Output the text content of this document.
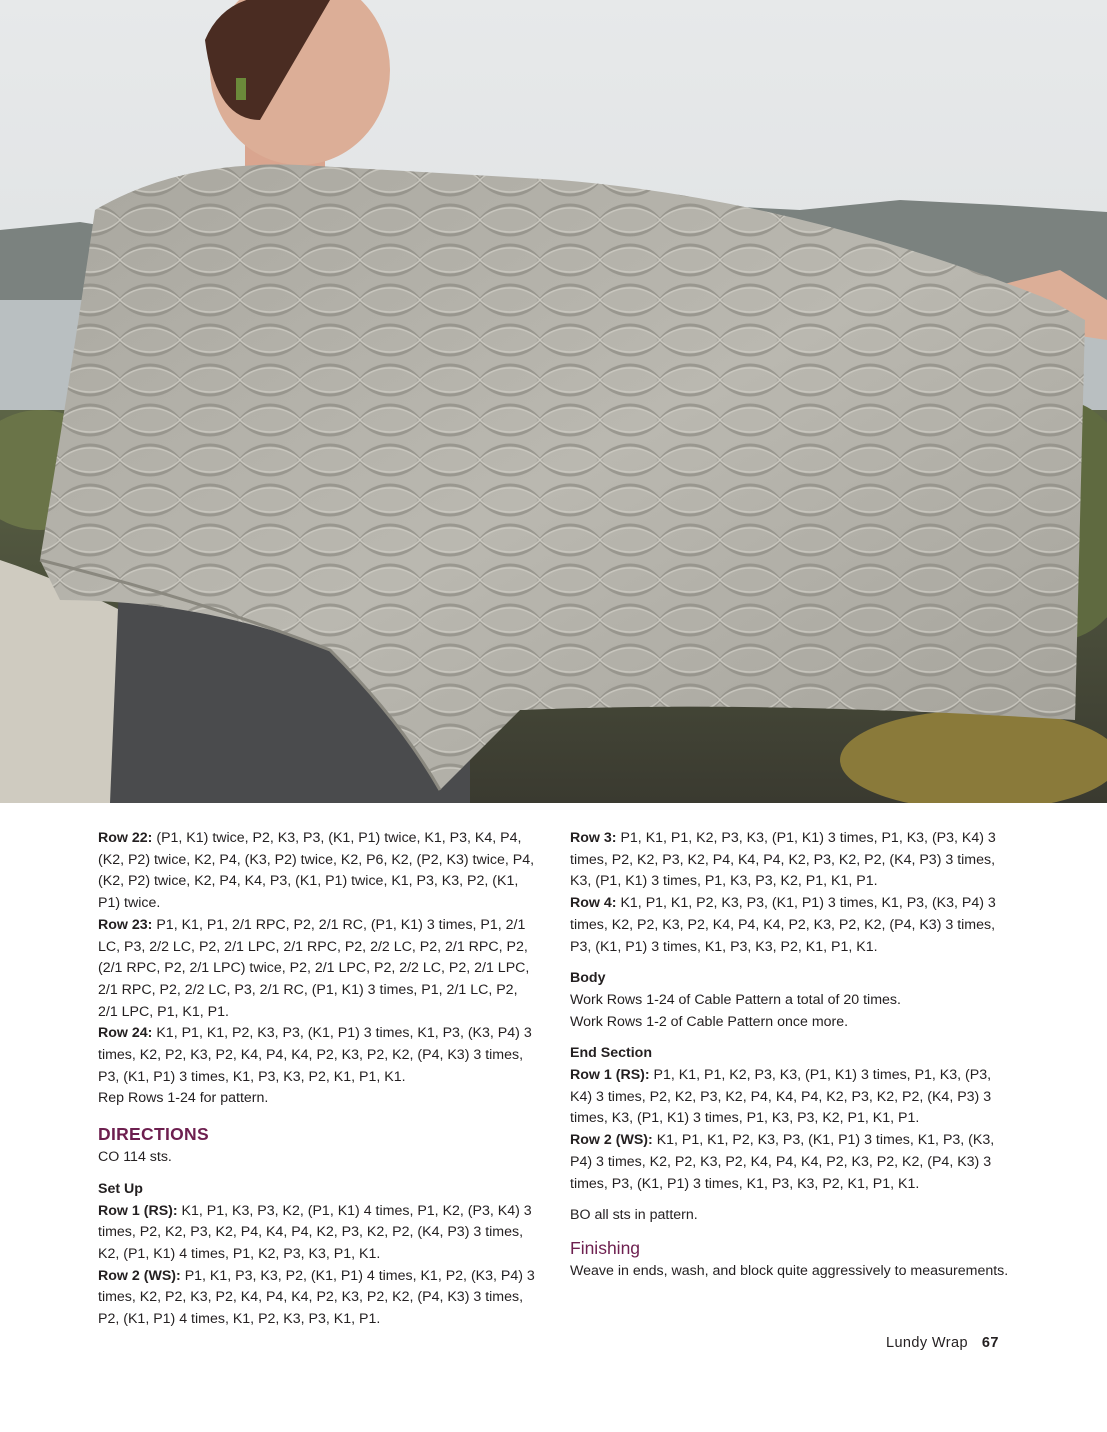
Row 22: (P1, K1) twice, P2, K3, P3, (K1, P1) twice, K1, P3, K4, P4, (K2, P2) twice, K2, P4, (K3, P2) twice, K2, P6, K2, (P2, K3) twice, P4, (K2, P2) twice, K2, P4, K4, P3, (K1, P1) twice, K1, P3, K3, P2, (K1, P1) twice.

Row 23: P1, K1, P1, 2/1 RPC, P2, 2/1 RC, (P1, K1) 3 times, P1, 2/1 LC, P3, 2/2 LC, P2, 2/1 LPC, 2/1 RPC, P2, 2/2 LC, P2, 2/1 RPC, P2, (2/1 RPC, P2, 2/1 LPC) twice, P2, 2/1 LPC, P2, 2/2 LC, P2, 2/1 LPC, 2/1 RPC, P2, 2/2 LC, P3, 2/1 RC, (P1, K1) 3 times, P1, 2/1 LC, P2, 2/1 LPC, P1, K1, P1.

Row 24: K1, P1, K1, P2, K3, P3, (K1, P1) 3 times, K1, P3, (K3, P4) 3 times, K2, P2, K3, P2, K4, P4, K4, P2, K3, P2, K2, (P4, K3) 3 times, P3, (K1, P1) 3 times, K1, P3, K3, P2, K1, P1, K1.

Rep Rows 1-24 for pattern.

DIRECTIONS

CO 114 sts.

Set Up

Row 1 (RS): K1, P1, K3, P3, K2, (P1, K1) 4 times, P1, K2, (P3, K4) 3 times, P2, K2, P3, K2, P4, K4, P4, K2, P3, K2, P2, (K4, P3) 3 times, K2, (P1, K1) 4 times, P1, K2, P3, K3, P1, K1.

Row 2 (WS): P1, K1, P3, K3, P2, (K1, P1) 4 times, K1, P2, (K3, P4) 3 times, K2, P2, K3, P2, K4, P4, K4, P2, K3, P2, K2, (P4, K3) 3 times, P2, (K1, P1) 4 times, K1, P2, K3, P3, K1, P1.

Row 3: P1, K1, P1, K2, P3, K3, (P1, K1) 3 times, P1, K3, (P3, K4) 3 times, P2, K2, P3, K2, P4, K4, P4, K2, P3, K2, P2, (K4, P3) 3 times, K3, (P1, K1) 3 times, P1, K3, P3, K2, P1, K1, P1.

Row 4: K1, P1, K1, P2, K3, P3, (K1, P1) 3 times, K1, P3, (K3, P4) 3 times, K2, P2, K3, P2, K4, P4, K4, P2, K3, P2, K2, (P4, K3) 3 times, P3, (K1, P1) 3 times, K1, P3, K3, P2, K1, P1, K1.

Body

Work Rows 1-24 of Cable Pattern a total of 20 times.

Work Rows 1-2 of Cable Pattern once more.

End Section

Row 1 (RS): P1, K1, P1, K2, P3, K3, (P1, K1) 3 times, P1, K3, (P3, K4) 3 times, P2, K2, P3, K2, P4, K4, P4, K2, P3, K2, P2, (K4, P3) 3 times, K3, (P1, K1) 3 times, P1, K3, P3, K2, P1, K1, P1.

Row 2 (WS): K1, P1, K1, P2, K3, P3, (K1, P1) 3 times, K1, P3, (K3, P4) 3 times, K2, P2, K3, P2, K4, P4, K4, P2, K3, P2, K2, (P4, K3) 3 times, P3, (K1, P1) 3 times, K1, P3, K3, P2, K1, P1, K1.

BO all sts in pattern.

Finishing

Weave in ends, wash, and block quite aggressively to measurements.

Lundy Wrap 67
